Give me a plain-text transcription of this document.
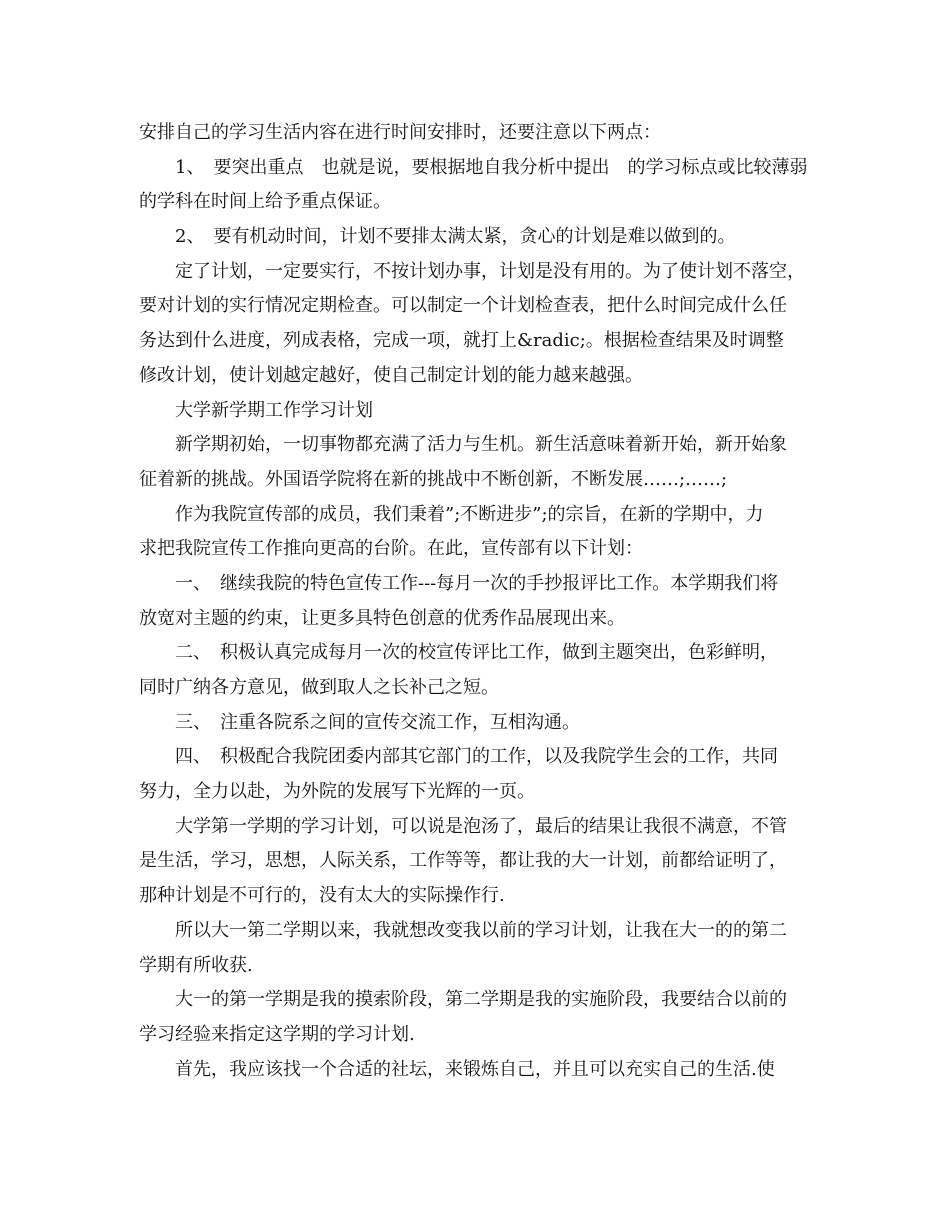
安排自己的学习生活内容在进行时间安排时，还要注意以下两点：
1、　要突出重点　也就是说，要根据地自我分析中提出　的学习标点或比较薄弱
的学科在时间上给予重点保证。
2、　要有机动时间，计划不要排太满太紧，贪心的计划是难以做到的。
定了计划，一定要实行，不按计划办事，计划是没有用的。为了使计划不落空，
要对计划的实行情况定期检查。可以制定一个计划检查表，把什么时间完成什么任
务达到什么进度，列成表格，完成一项，就打上&radic;。根据检查结果及时调整
修改计划，使计划越定越好，使自己制定计划的能力越来越强。
大学新学期工作学习计划
新学期初始，一切事物都充满了活力与生机。新生活意味着新开始，新开始象
征着新的挑战。外国语学院将在新的挑战中不断创新，不断发展……;……;
作为我院宣传部的成员，我们秉着”;不断进步”;的宗旨，在新的学期中，力
求把我院宣传工作推向更高的台阶。在此，宣传部有以下计划：
一、　继续我院的特色宣传工作---每月一次的手抄报评比工作。本学期我们将
放宽对主题的约束，让更多具特色创意的优秀作品展现出来。
二、　积极认真完成每月一次的校宣传评比工作，做到主题突出，色彩鲜明，
同时广纳各方意见，做到取人之长补己之短。
三、　注重各院系之间的宣传交流工作，互相沟通。
四、　积极配合我院团委内部其它部门的工作，以及我院学生会的工作，共同
努力，全力以赴，为外院的发展写下光辉的一页。
大学第一学期的学习计划，可以说是泡汤了，最后的结果让我很不满意，不管
是生活，学习，思想，人际关系，工作等等，都让我的大一计划，前都给证明了，
那种计划是不可行的，没有太大的实际操作行.
所以大一第二学期以来，我就想改变我以前的学习计划，让我在大一的的第二
学期有所收获.
大一的第一学期是我的摸索阶段，第二学期是我的实施阶段，我要结合以前的
学习经验来指定这学期的学习计划.
首先，我应该找一个合适的社坛，来锻炼自己，并且可以充实自己的生活.使
